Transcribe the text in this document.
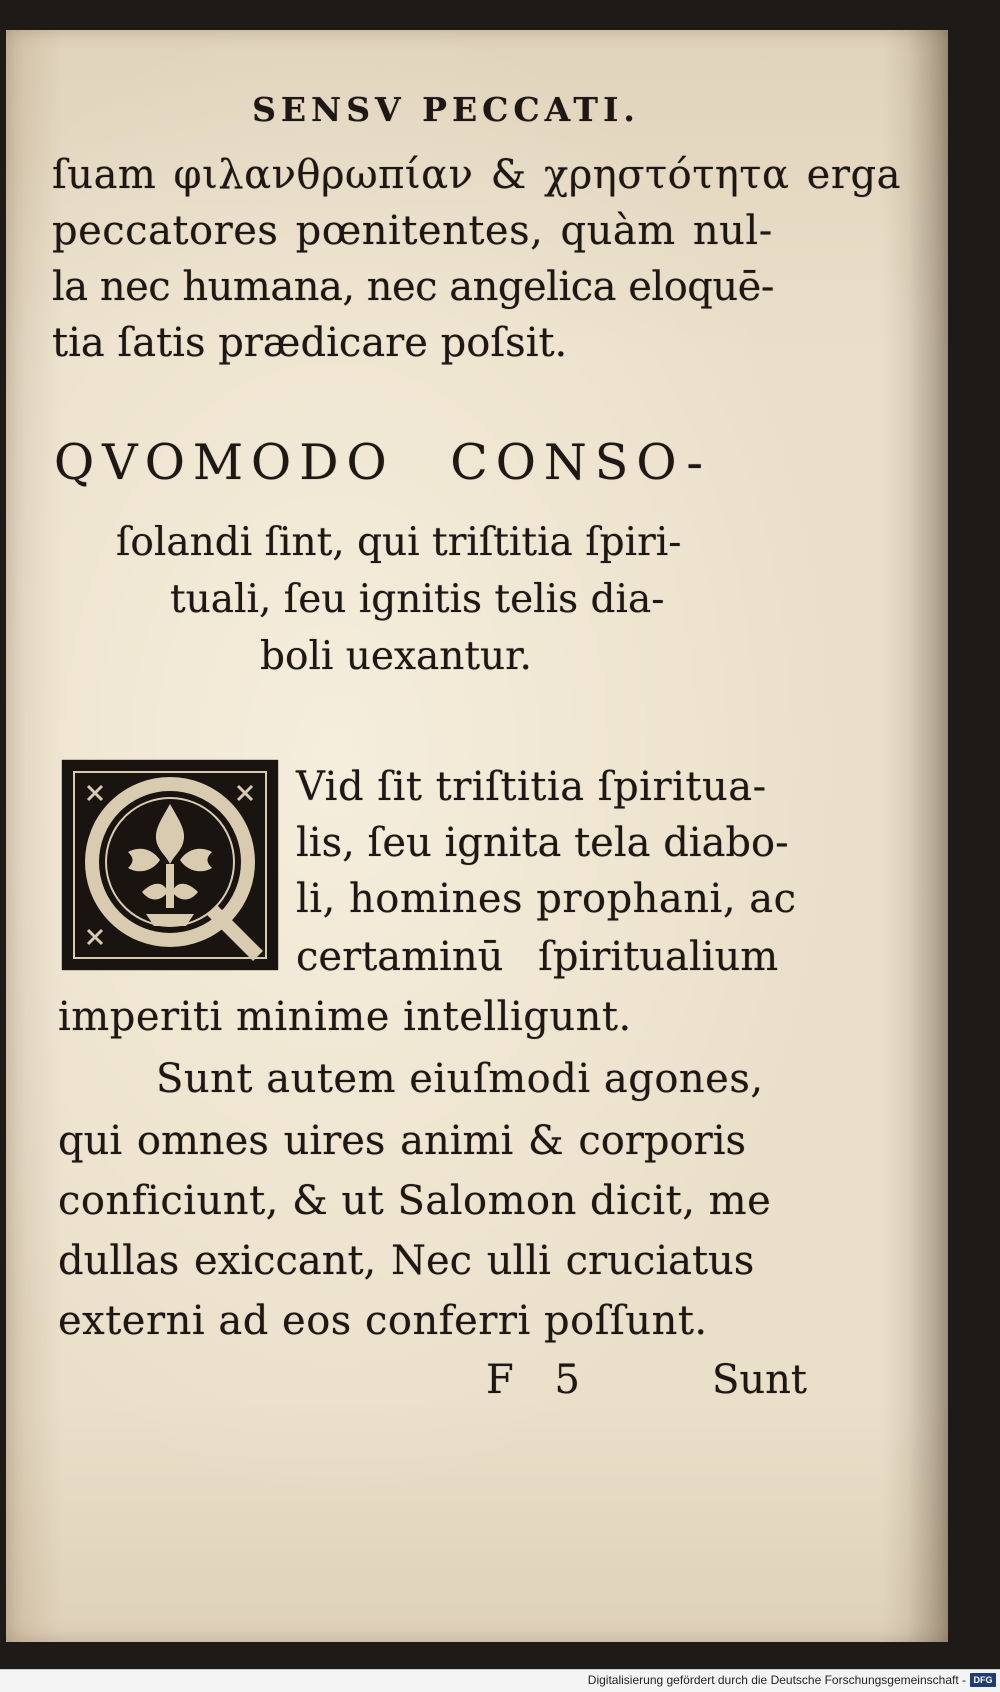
SENSV PECCATI.
ſuam φιλανθρωπίαν & χρηστότητα erga
peccatores pœnitentes, quàm nul-
la nec humana, nec angelica eloquē-
tia ſatis prædicare poſsit.
QVOMODO CONSO-
ſolandi ſint, qui triſtitia ſpiri-
tuali, ſeu ignitis telis dia-
boli uexantur.
Vid ſit triſtitia ſpiritua-
lis, ſeu ignita tela diabo-
li, homines prophani, ac
certaminū ſpiritualium
imperiti minime intelligunt.
Sunt autem eiuſmodi agones,
qui omnes uires animi & corporis
conficiunt, & ut Salomon dicit, me
dullas exiccant, Nec ulli cruciatus
externi ad eos conferri poſſunt.
F 5	Sunt
Digitalisierung gefördert durch die Deutsche Forschungsgemeinschaft - DFG
